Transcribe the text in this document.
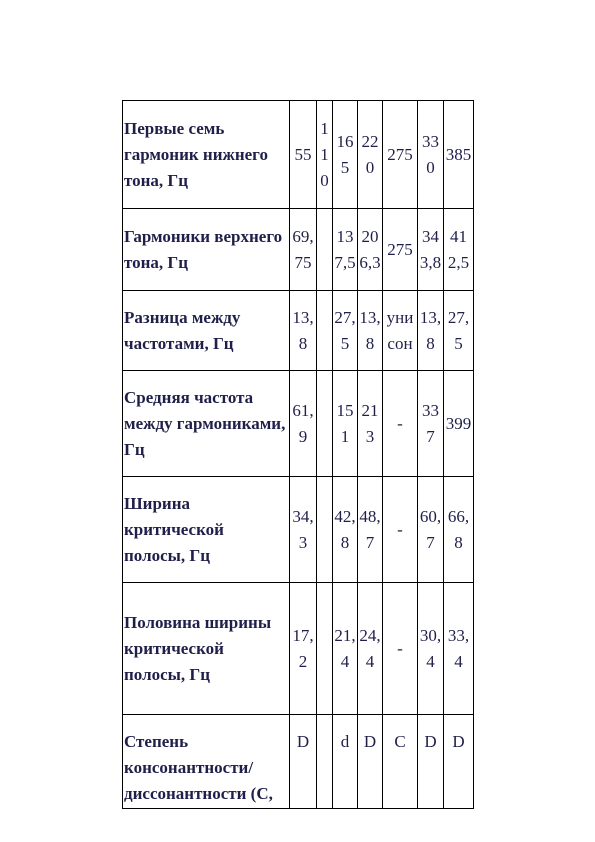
Первые семь гармоник нижнего тона, Гц	55	110	165	220	275	330	385
Гармоники верхнего тона, Гц	69,75		137,5	206,3	275	343,8	412,5
Разница между частотами, Гц	13,8		27,5	13,8	унисон	13,8	27,5
Средняя частота между гармониками, Гц	61,9		151	213	-	337	399
Ширина критической полосы, Гц	34,3		42,8	48,7	-	60,7	66,8
Половина ширины критической полосы, Гц	17,2		21,4	24,4	-	30,4	33,4
Степень консонантности/диссонантности (С,	D		d	D	C	D	D
